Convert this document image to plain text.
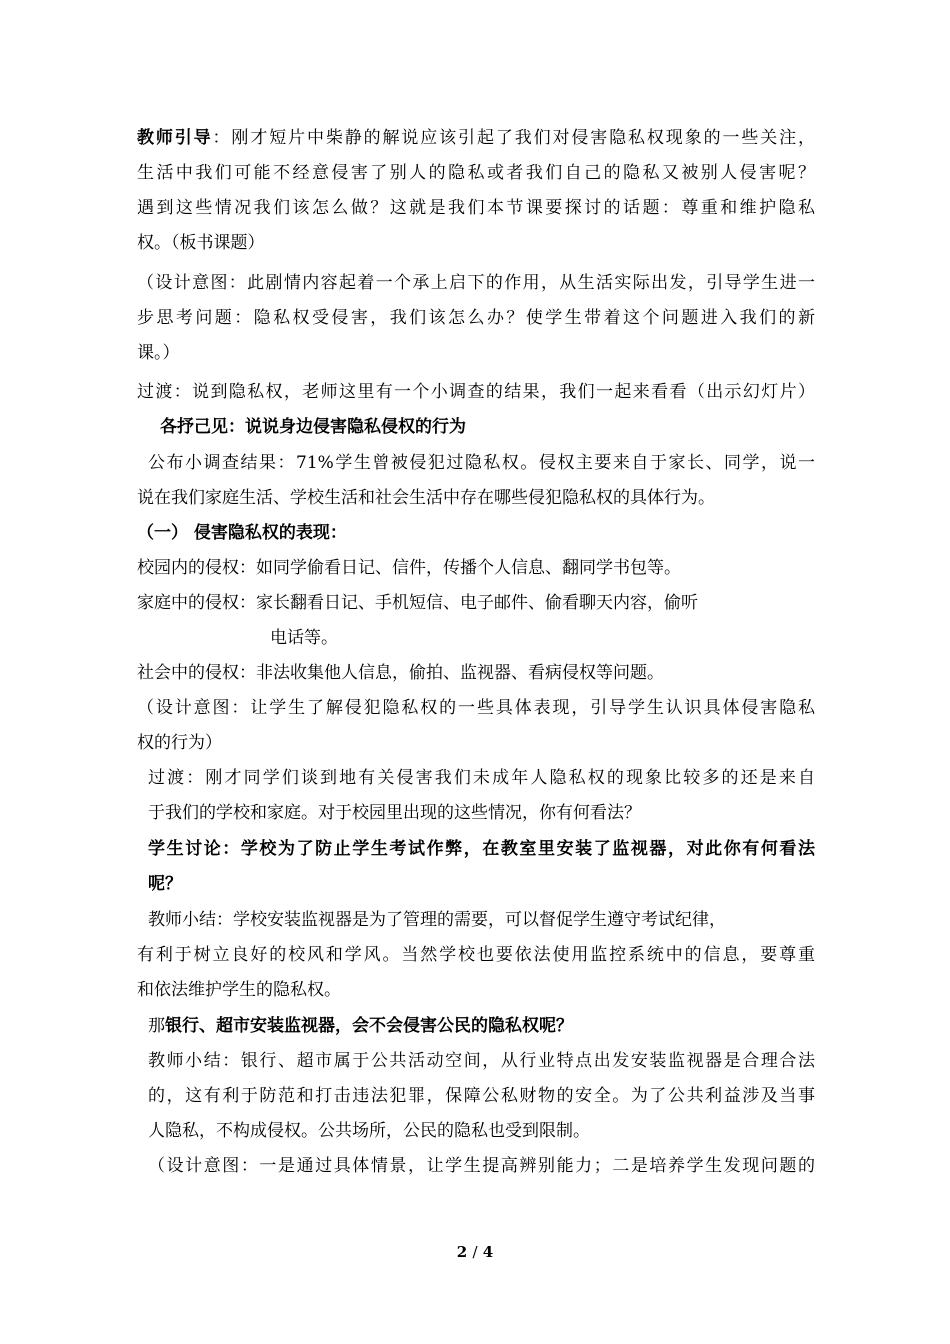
教师引导：刚才短片中柴静的解说应该引起了我们对侵害隐私权现象的一些关注，
生活中我们可能不经意侵害了别人的隐私或者我们自己的隐私又被别人侵害呢？
遇到这些情况我们该怎么做？这就是我们本节课要探讨的话题：尊重和维护隐私
权。（板书课题）
（设计意图：此剧情内容起着一个承上启下的作用，从生活实际出发，引导学生进一
步思考问题：隐私权受侵害，我们该怎么办？使学生带着这个问题进入我们的新
课。）
过渡：说到隐私权，老师这里有一个小调查的结果，我们一起来看看（出示幻灯片）
各抒己见：说说身边侵害隐私侵权的行为
公布小调查结果：71%学生曾被侵犯过隐私权。侵权主要来自于家长、同学，说一
说在我们家庭生活、学校生活和社会生活中存在哪些侵犯隐私权的具体行为。
（一） 侵害隐私权的表现：
校园内的侵权：如同学偷看日记、信件，传播个人信息、翻同学书包等。
家庭中的侵权：家长翻看日记、手机短信、电子邮件、偷看聊天内容，偷听
电话等。
社会中的侵权：非法收集他人信息，偷拍、监视器、看病侵权等问题。
（设计意图：让学生了解侵犯隐私权的一些具体表现，引导学生认识具体侵害隐私
权的行为）
过渡：刚才同学们谈到地有关侵害我们未成年人隐私权的现象比较多的还是来自
于我们的学校和家庭。对于校园里出现的这些情况，你有何看法？
学生讨论：学校为了防止学生考试作弊，在教室里安装了监视器，对此你有何看法
呢？
教师小结：学校安装监视器是为了管理的需要，可以督促学生遵守考试纪律，
有利于树立良好的校风和学风。当然学校也要依法使用监控系统中的信息，要尊重
和依法维护学生的隐私权。
那银行、超市安装监视器，会不会侵害公民的隐私权呢？
教师小结：银行、超市属于公共活动空间，从行业特点出发安装监视器是合理合法
的，这有利于防范和打击违法犯罪，保障公私财物的安全。为了公共利益涉及当事
人隐私，不构成侵权。公共场所，公民的隐私也受到限制。
（设计意图：一是通过具体情景，让学生提高辨别能力；二是培养学生发现问题的
2 / 4
